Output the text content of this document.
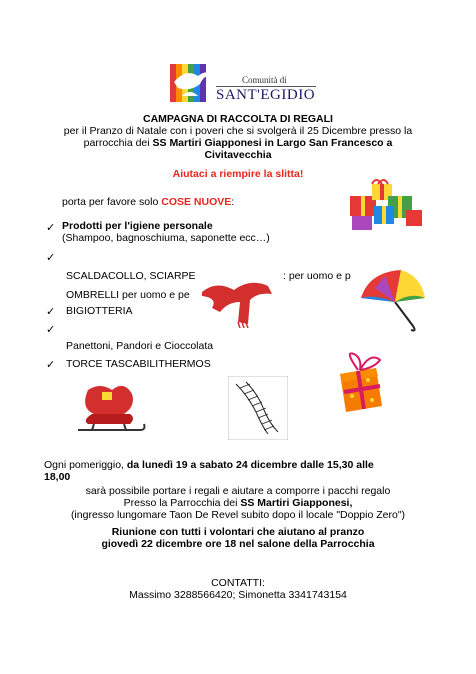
Comunità di
SANT'EGIDIO
CAMPAGNA DI RACCOLTA DI REGALI
per il Pranzo di Natale con i poveri che si svolgerà il 25 Dicembre presso la
parrocchia dei SS Martiri Giapponesi in Largo San Francesco a
Civitavecchia
Aiutaci a riempire la slitta!
porta per favore solo COSE NUOVE:
✓ Prodotti per l'igiene personale
(Shampoo, bagnoschiuma, saponette ecc…)
✓
SCALDACOLLO, SCIARPE	: per uomo e p
OMBRELLI per uomo e pe
✓ BIGIOTTERIA
✓
Panettoni, Pandori e Cioccolata
✓ TORCE TASCABILITHERMOS
Ogni pomeriggio, da lunedì 19 a sabato 24 dicembre dalle 15,30 alle
18,00
sarà possibile portare i regali e aiutare a comporre i pacchi regalo
Presso la Parrocchia dei SS Martiri Giapponesi,
(ingresso lungomare Taon De Revel subito dopo il locale "Doppio Zero")
Riunione con tutti i volontari che aiutano al pranzo
giovedì 22 dicembre ore 18 nel salone della Parrocchia
CONTATTI:
Massimo 3288566420; Simonetta 3341743154
